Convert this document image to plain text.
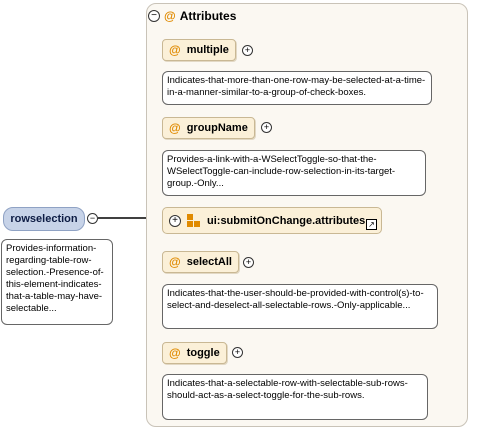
rowselection	−
Provides-information-regarding-table-row-selection.-Presence-of-this-element-indicates-that-a-table-may-have-selectable...
− @ Attributes
@ multiple	+
Indicates-that-more-than-one-row-may-be-selected-at-a-time-in-a-manner-similar-to-a-group-of-check-boxes.
@ groupName	+
Provides-a-link-with-a-WSelectToggle-so-that-the-WSelectToggle-can-include-row-selection-in-its-target-group.-Only...
+	ui:submitOnChange.attributes ↗
@ selectAll	+
Indicates-that-the-user-should-be-provided-with-control(s)-to-select-and-deselect-all-selectable-rows.-Only-applicable...
@ toggle	+
Indicates-that-a-selectable-row-with-selectable-sub-rows-should-act-as-a-select-toggle-for-the-sub-rows.
